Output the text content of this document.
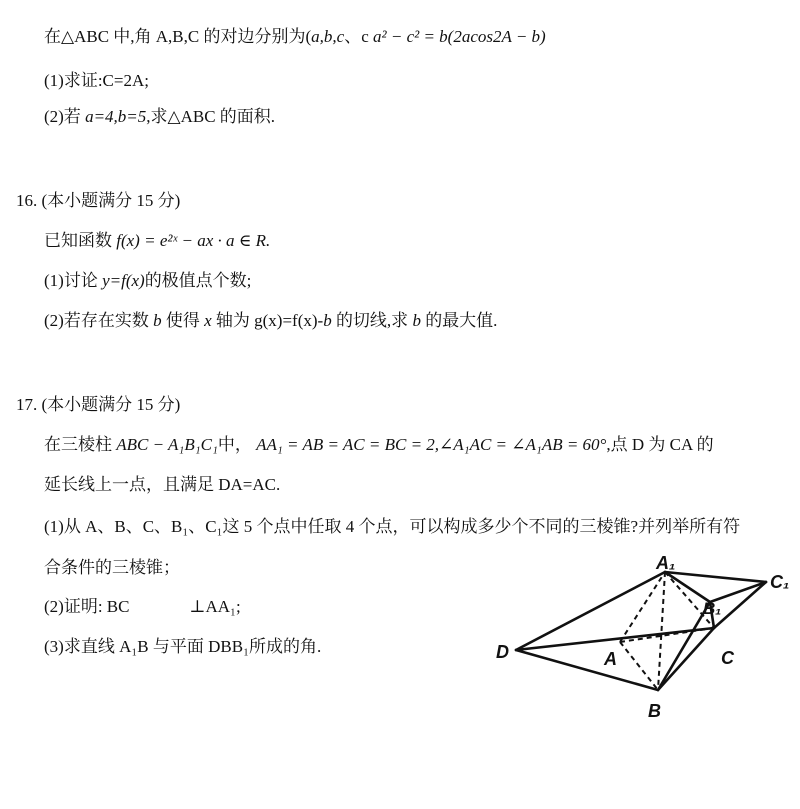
在△ABC 中,角 A,B,C 的对边分别为(a,b,c、c a² − c² = b(2acos2A − b)
(1)求证:C=2A;
(2)若 a=4,b=5,求△ABC 的面积.
16. (本小题满分 15 分)
已知函数 f(x) = e²ˣ − ax · a ∈ R.
(1)讨论 y=f(x)的极值点个数;
(2)若存在实数 b 使得 x 轴为 g(x)=f(x)-b 的切线,求 b 的最大值.
17. (本小题满分 15 分)
在三棱柱 ABC − A₁B₁C₁中， AA₁ = AB = AC = BC = 2,∠A₁AC = ∠A₁AB = 60°,点 D 为 CA 的
延长线上一点，且满足 DA=AC.
(1)从 A、B、C、B₁、C₁这 5 个点中任取 4 个点，可以构成多少个不同的三棱锥?并列举所有符
合条件的三棱锥；
(2)证明: BC	⊥AA₁;
(3)求直线 A₁B 与平面 DBB₁所成的角.
A₁
B₁
C₁
A
B
C
D
